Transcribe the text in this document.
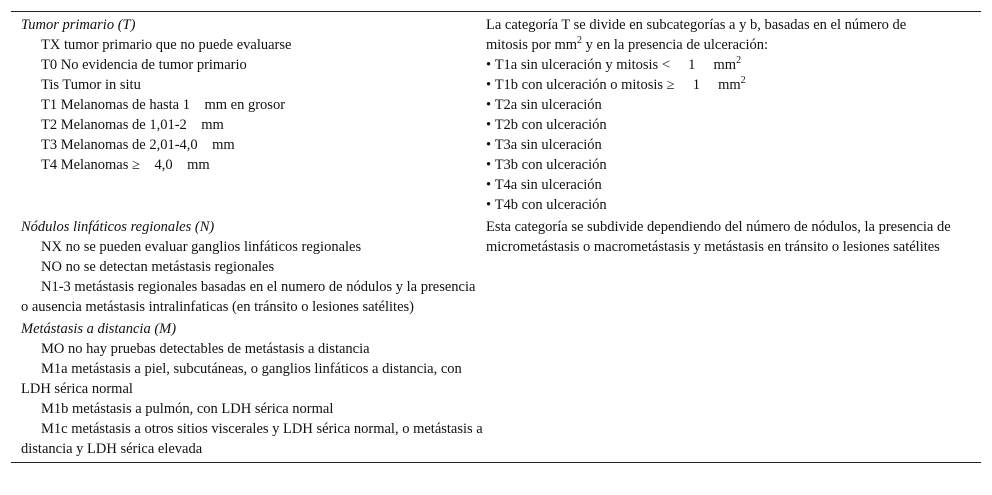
Tumor primario (T)
TX tumor primario que no puede evaluarse
T0 No evidencia de tumor primario
Tis Tumor in situ
T1 Melanomas de hasta 1    mm en grosor
T2 Melanomas de 1,01-2    mm
T3 Melanomas de 2,01-4,0    mm
T4 Melanomas ≥    4,0    mm
La categoría T se divide en subcategorías a y b, basadas en el número de
mitosis por $mm^2$ y en la presencia de ulceración:
• T1a sin ulceración y mitosis <     1     $mm^2$
• T1b con ulceración o mitosis ≥     1     $mm^2$
• T2a sin ulceración
• T2b con ulceración
• T3a sin ulceración
• T3b con ulceración
• T4a sin ulceración
• T4b con ulceración
Nódulos linfáticos regionales (N)
NX no se pueden evaluar ganglios linfáticos regionales
NO no se detectan metástasis regionales
N1-3 metástasis regionales basadas en el numero de nódulos y la presencia o ausencia metástasis intralinfaticas (en tránsito o lesiones satélites)
Esta categoría se subdivide dependiendo del número de nódulos, la presencia de micrometástasis o macrometástasis y metástasis en tránsito o lesiones satélites
Metástasis a distancia (M)
MO no hay pruebas detectables de metástasis a distancia
M1a metástasis a piel, subcutáneas, o ganglios linfáticos a distancia, con LDH sérica normal
M1b metástasis a pulmón, con LDH sérica normal
M1c metástasis a otros sitios viscerales y LDH sérica normal, o metástasis a distancia y LDH sérica elevada
